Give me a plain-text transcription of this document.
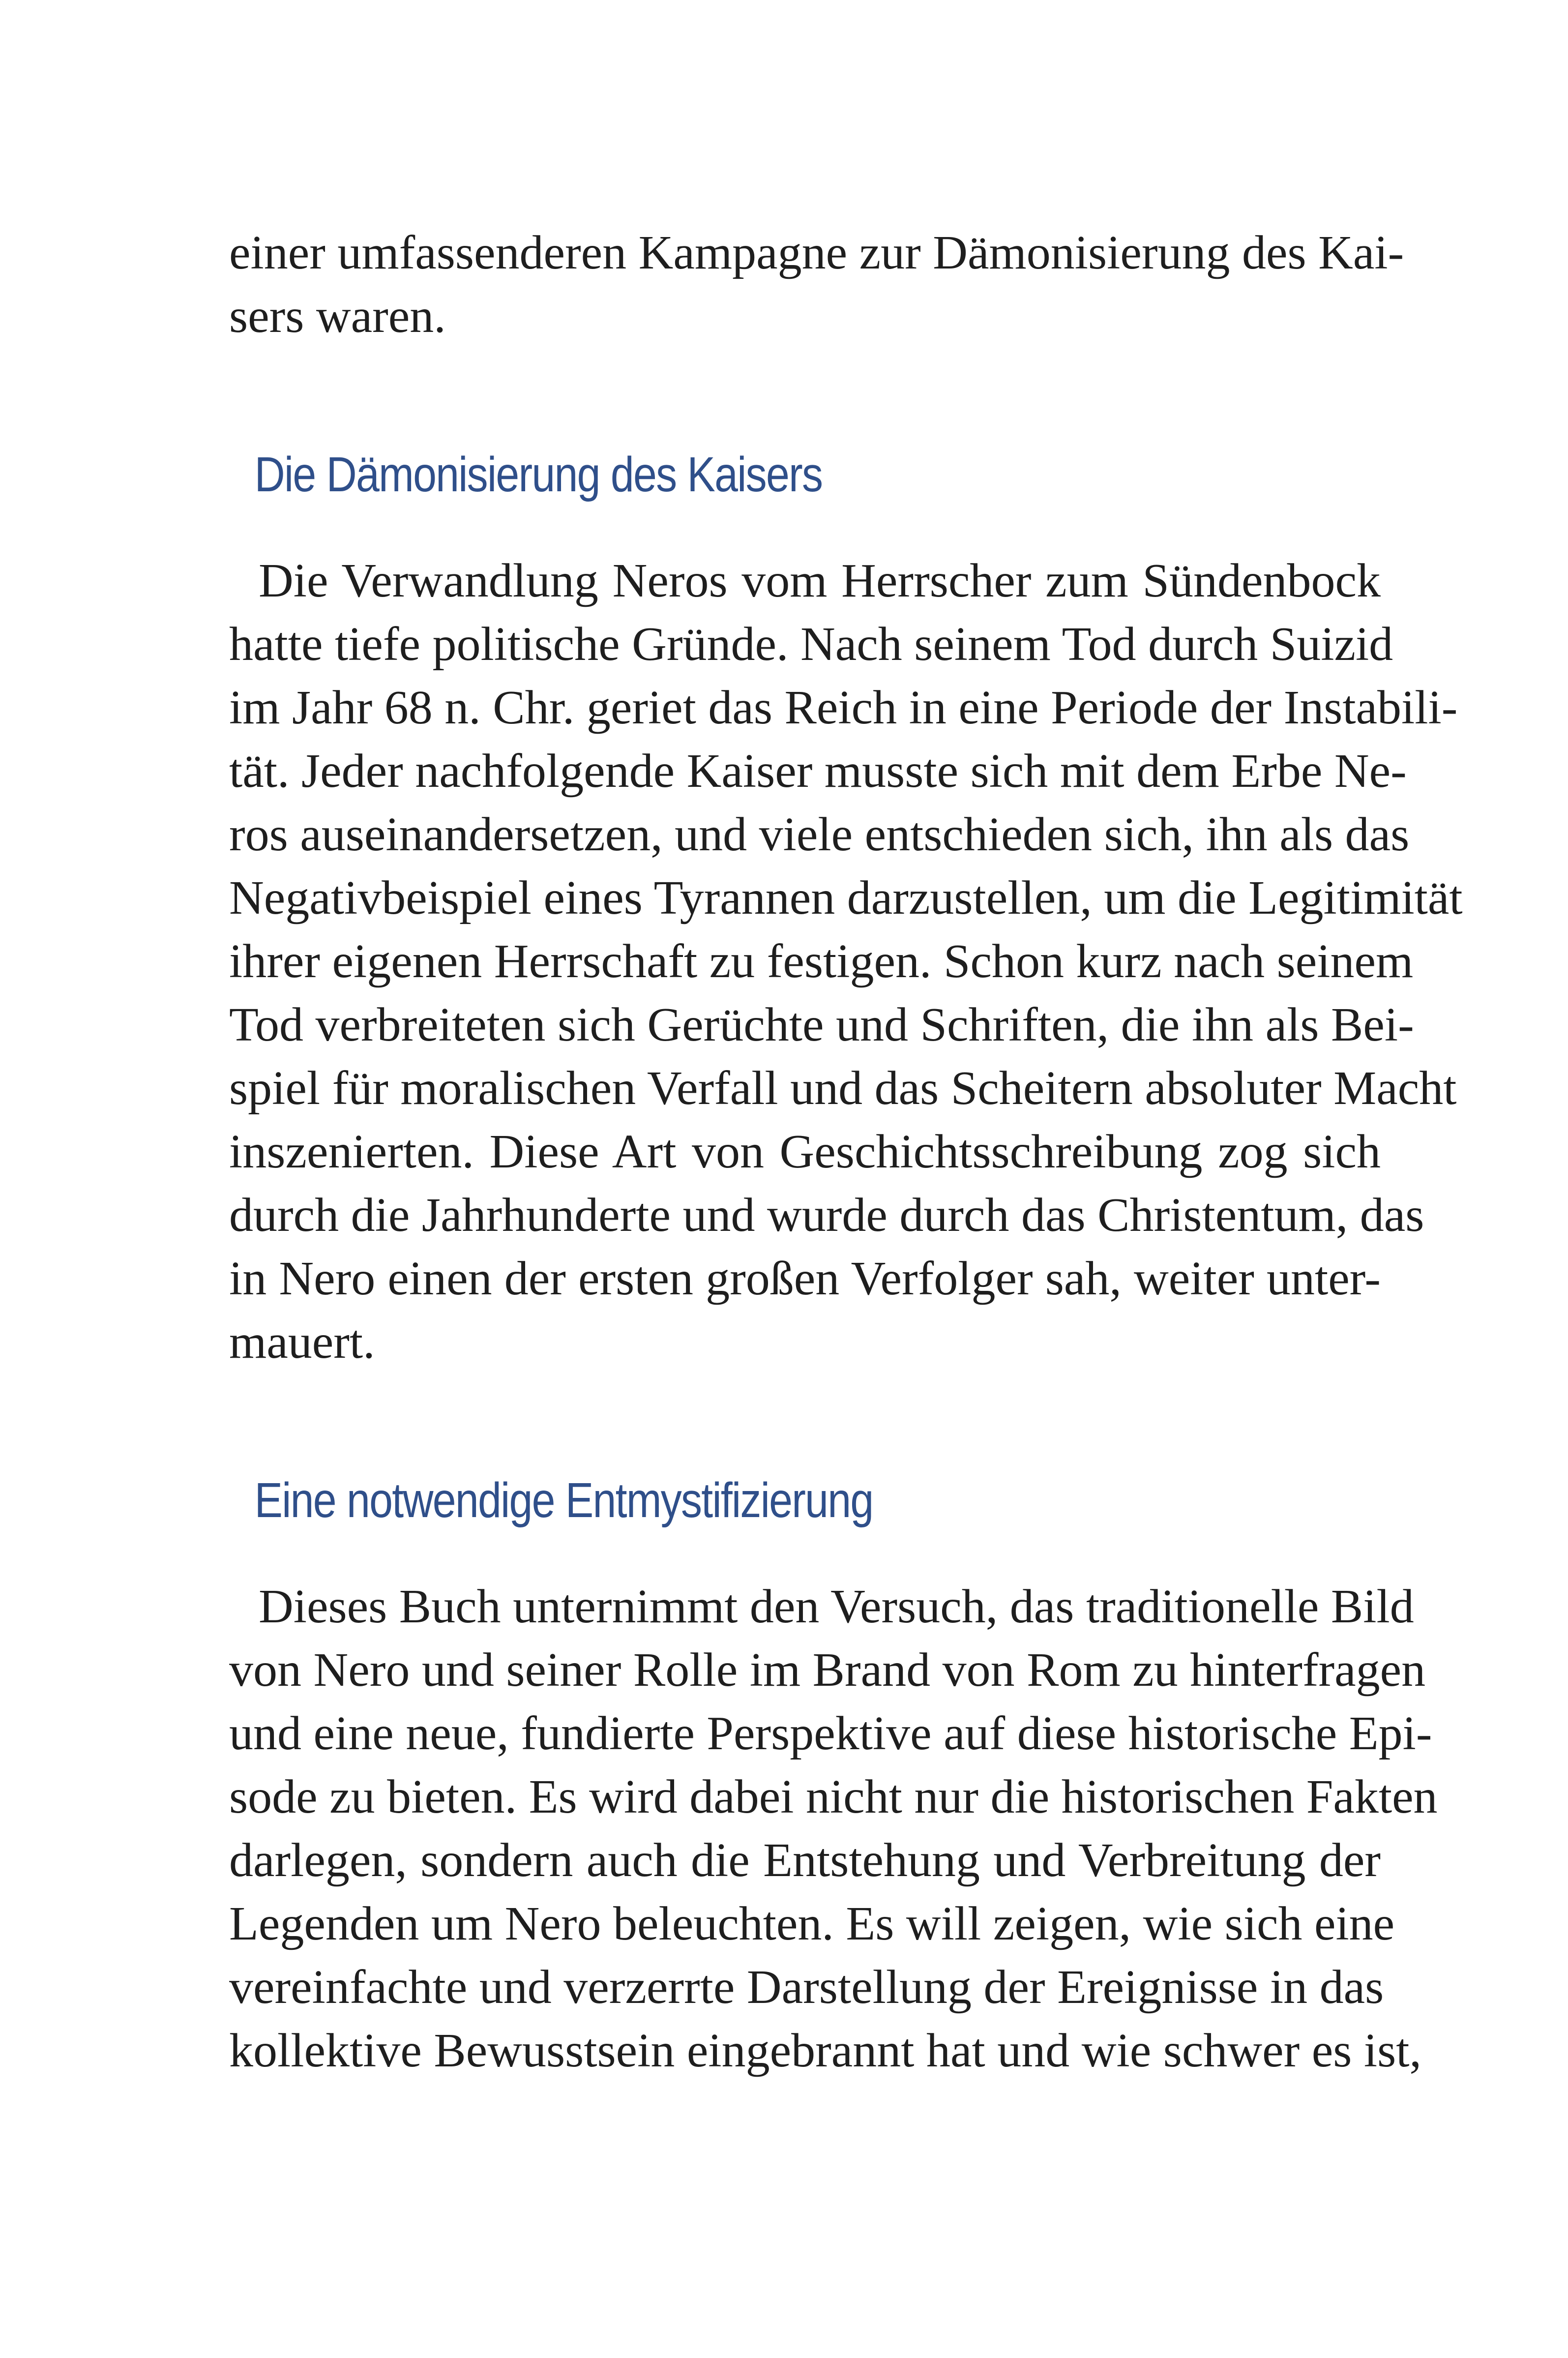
einer umfassenderen Kampagne zur Dämonisierung des Kai-
sers waren.

Die Dämonisierung des Kaisers

Die Verwandlung Neros vom Herrscher zum Sündenbock
hatte tiefe politische Gründe. Nach seinem Tod durch Suizid
im Jahr 68 n. Chr. geriet das Reich in eine Periode der Instabili-
tät. Jeder nachfolgende Kaiser musste sich mit dem Erbe Ne-
ros auseinandersetzen, und viele entschieden sich, ihn als das
Negativbeispiel eines Tyrannen darzustellen, um die Legitimität
ihrer eigenen Herrschaft zu festigen. Schon kurz nach seinem
Tod verbreiteten sich Gerüchte und Schriften, die ihn als Bei-
spiel für moralischen Verfall und das Scheitern absoluter Macht
inszenierten. Diese Art von Geschichtsschreibung zog sich
durch die Jahrhunderte und wurde durch das Christentum, das
in Nero einen der ersten großen Verfolger sah, weiter unter-
mauert.

Eine notwendige Entmystifizierung

Dieses Buch unternimmt den Versuch, das traditionelle Bild
von Nero und seiner Rolle im Brand von Rom zu hinterfragen
und eine neue, fundierte Perspektive auf diese historische Epi-
sode zu bieten. Es wird dabei nicht nur die historischen Fakten
darlegen, sondern auch die Entstehung und Verbreitung der
Legenden um Nero beleuchten. Es will zeigen, wie sich eine
vereinfachte und verzerrte Darstellung der Ereignisse in das
kollektive Bewusstsein eingebrannt hat und wie schwer es ist,
